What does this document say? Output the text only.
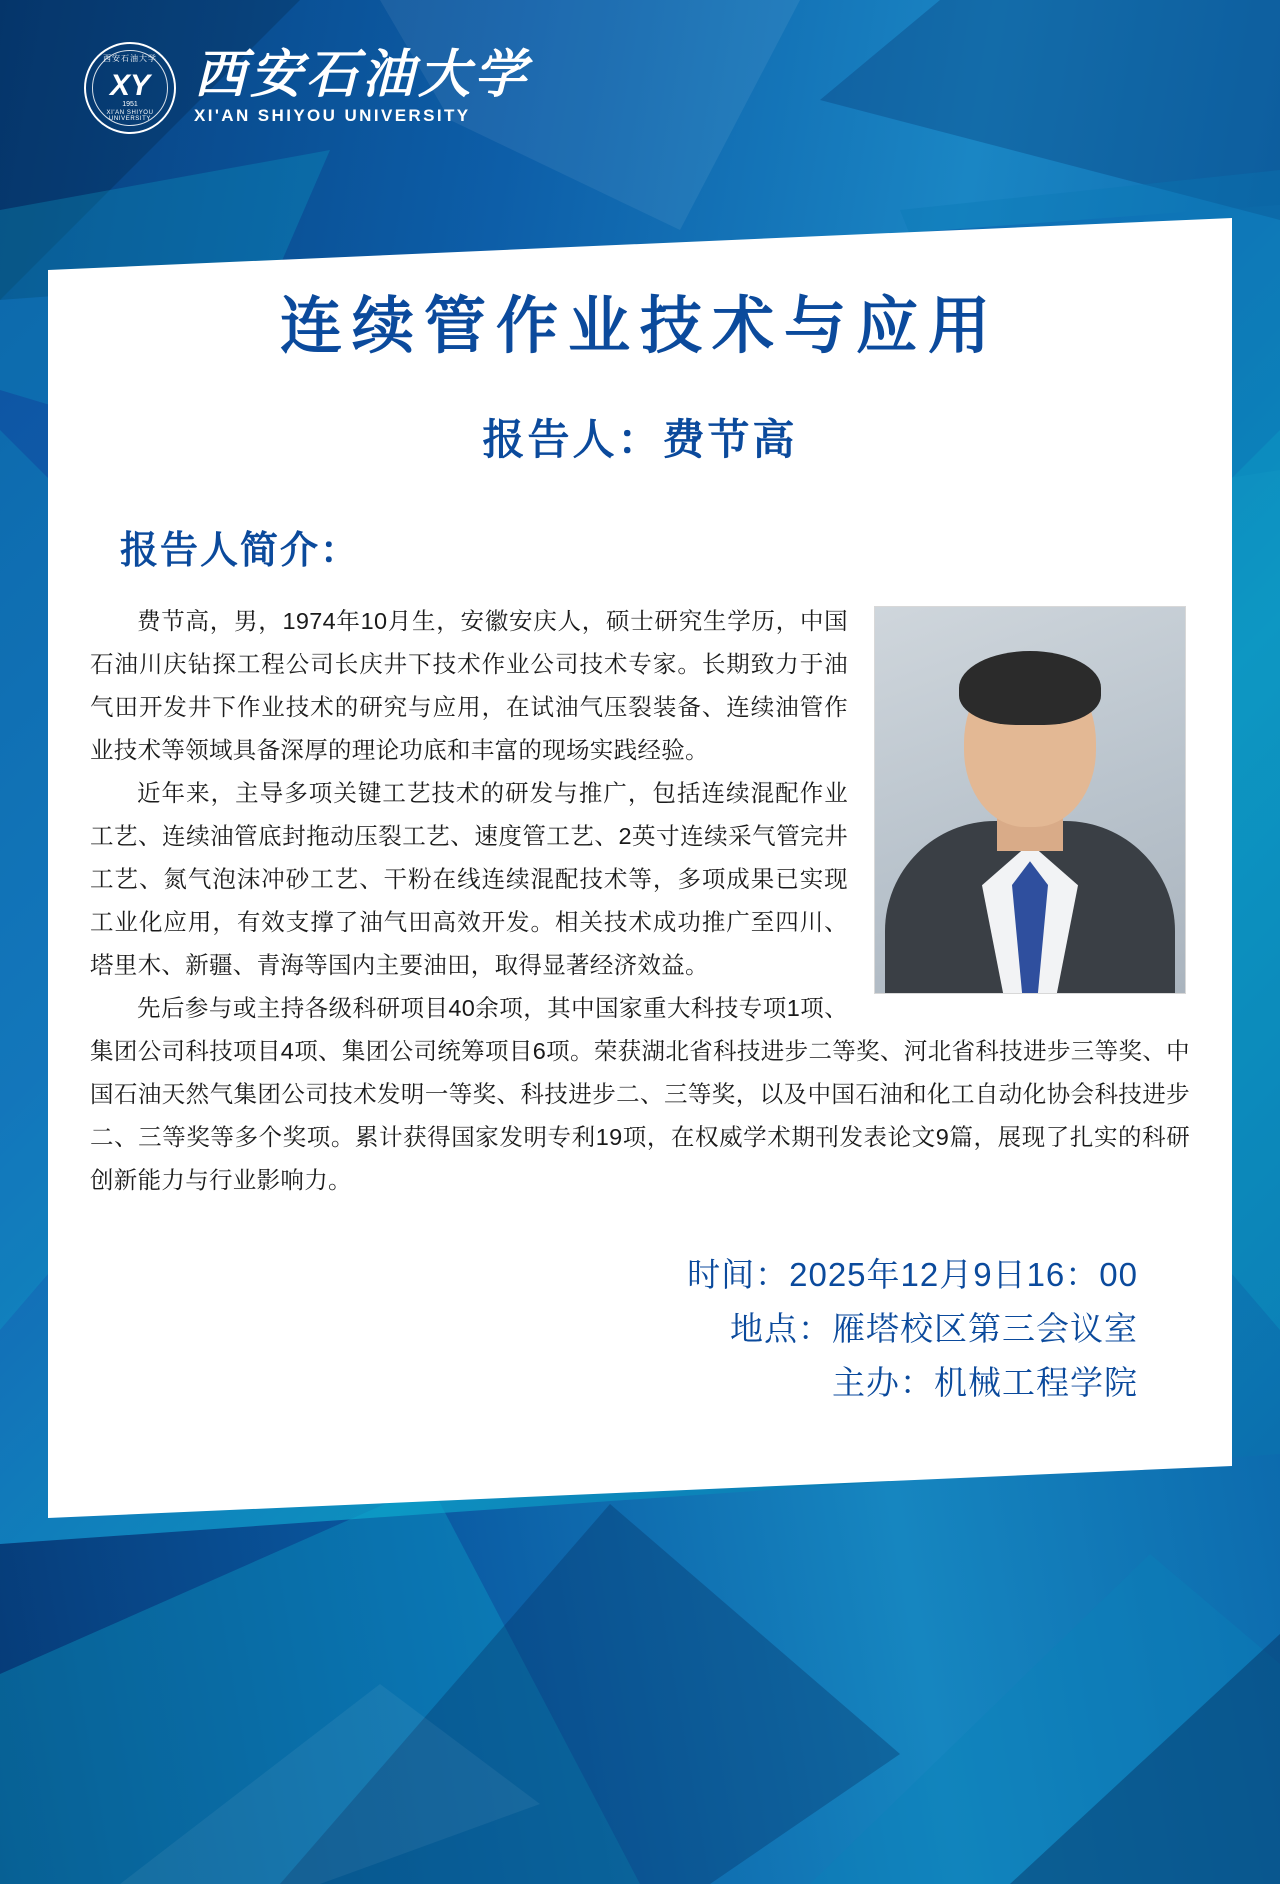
西安石油大学
XY
1951
XI'AN SHIYOU UNIVERSITY
西安石油大学
XI'AN SHIYOU UNIVERSITY
连续管作业技术与应用
报告人：费节高
报告人简介：

费节高，男，1974年10月生，安徽安庆人，硕士研究生学历，中国石油川庆钻探工程公司长庆井下技术作业公司技术专家。长期致力于油气田开发井下作业技术的研究与应用，在试油气压裂装备、连续油管作业技术等领域具备深厚的理论功底和丰富的现场实践经验。

近年来，主导多项关键工艺技术的研发与推广，包括连续混配作业工艺、连续油管底封拖动压裂工艺、速度管工艺、2英寸连续采气管完井工艺、氮气泡沫冲砂工艺、干粉在线连续混配技术等，多项成果已实现工业化应用，有效支撑了油气田高效开发。相关技术成功推广至四川、塔里木、新疆、青海等国内主要油田，取得显著经济效益。

先后参与或主持各级科研项目40余项，其中国家重大科技专项1项、集团公司科技项目4项、集团公司统筹项目6项。荣获湖北省科技进步二等奖、河北省科技进步三等奖、中国石油天然气集团公司技术发明一等奖、科技进步二、三等奖，以及中国石油和化工自动化协会科技进步二、三等奖等多个奖项。累计获得国家发明专利19项，在权威学术期刊发表论文9篇，展现了扎实的科研创新能力与行业影响力。

时间：2025年12月9日16：00
地点：雁塔校区第三会议室
主办：机械工程学院
